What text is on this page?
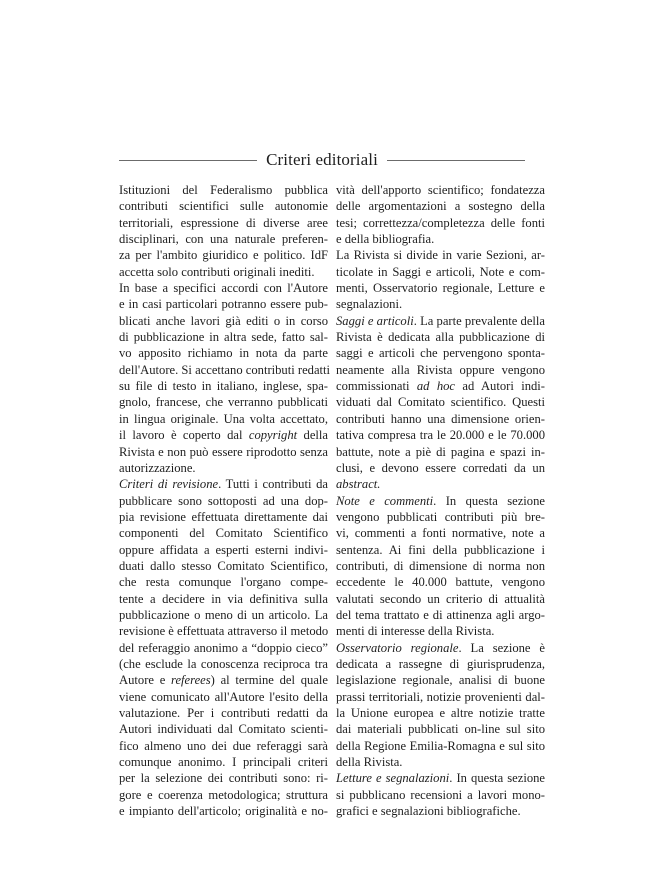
Criteri editoriali
Istituzioni del Federalismo pubblica
contributi scientifici sulle autonomie
territoriali, espressione di diverse aree
disciplinari, con una naturale preferen-
za per l'ambito giuridico e politico. IdF
accetta solo contributi originali inediti.
In base a specifici accordi con l'Autore
e in casi particolari potranno essere pub-
blicati anche lavori già editi o in corso
di pubblicazione in altra sede, fatto sal-
vo apposito richiamo in nota da parte
dell'Autore. Si accettano contributi redatti
su file di testo in italiano, inglese, spa-
gnolo, francese, che verranno pubblicati
in lingua originale. Una volta accettato,
il lavoro è coperto dal copyright della
Rivista e non può essere riprodotto senza
autorizzazione.
Criteri di revisione. Tutti i contributi da
pubblicare sono sottoposti ad una dop-
pia revisione effettuata direttamente dai
componenti del Comitato Scientifico
oppure affidata a esperti esterni indivi-
duati dallo stesso Comitato Scientifico,
che resta comunque l'organo compe-
tente a decidere in via definitiva sulla
pubblicazione o meno di un articolo. La
revisione è effettuata attraverso il metodo
del referaggio anonimo a “doppio cieco”
(che esclude la conoscenza reciproca tra
Autore e referees) al termine del quale
viene comunicato all'Autore l'esito della
valutazione. Per i contributi redatti da
Autori individuati dal Comitato scienti-
fico almeno uno dei due referaggi sarà
comunque anonimo. I principali criteri
per la selezione dei contributi sono: ri-
gore e coerenza metodologica; struttura
e impianto dell'articolo; originalità e no-
vità dell'apporto scientifico; fondatezza
delle argomentazioni a sostegno della
tesi; correttezza/completezza delle fonti
e della bibliografia.
La Rivista si divide in varie Sezioni, ar-
ticolate in Saggi e articoli, Note e com-
menti, Osservatorio regionale, Letture e
segnalazioni.
Saggi e articoli. La parte prevalente della
Rivista è dedicata alla pubblicazione di
saggi e articoli che pervengono sponta-
neamente alla Rivista oppure vengono
commissionati ad hoc ad Autori indi-
viduati dal Comitato scientifico. Questi
contributi hanno una dimensione orien-
tativa compresa tra le 20.000 e le 70.000
battute, note a piè di pagina e spazi in-
clusi, e devono essere corredati da un
abstract.
Note e commenti. In questa sezione
vengono pubblicati contributi più bre-
vi, commenti a fonti normative, note a
sentenza. Ai fini della pubblicazione i
contributi, di dimensione di norma non
eccedente le 40.000 battute, vengono
valutati secondo un criterio di attualità
del tema trattato e di attinenza agli argo-
menti di interesse della Rivista.
Osservatorio regionale. La sezione è
dedicata a rassegne di giurisprudenza,
legislazione regionale, analisi di buone
prassi territoriali, notizie provenienti dal-
la Unione europea e altre notizie tratte
dai materiali pubblicati on-line sul sito
della Regione Emilia-Romagna e sul sito
della Rivista.
Letture e segnalazioni. In questa sezione
si pubblicano recensioni a lavori mono-
grafici e segnalazioni bibliografiche.
